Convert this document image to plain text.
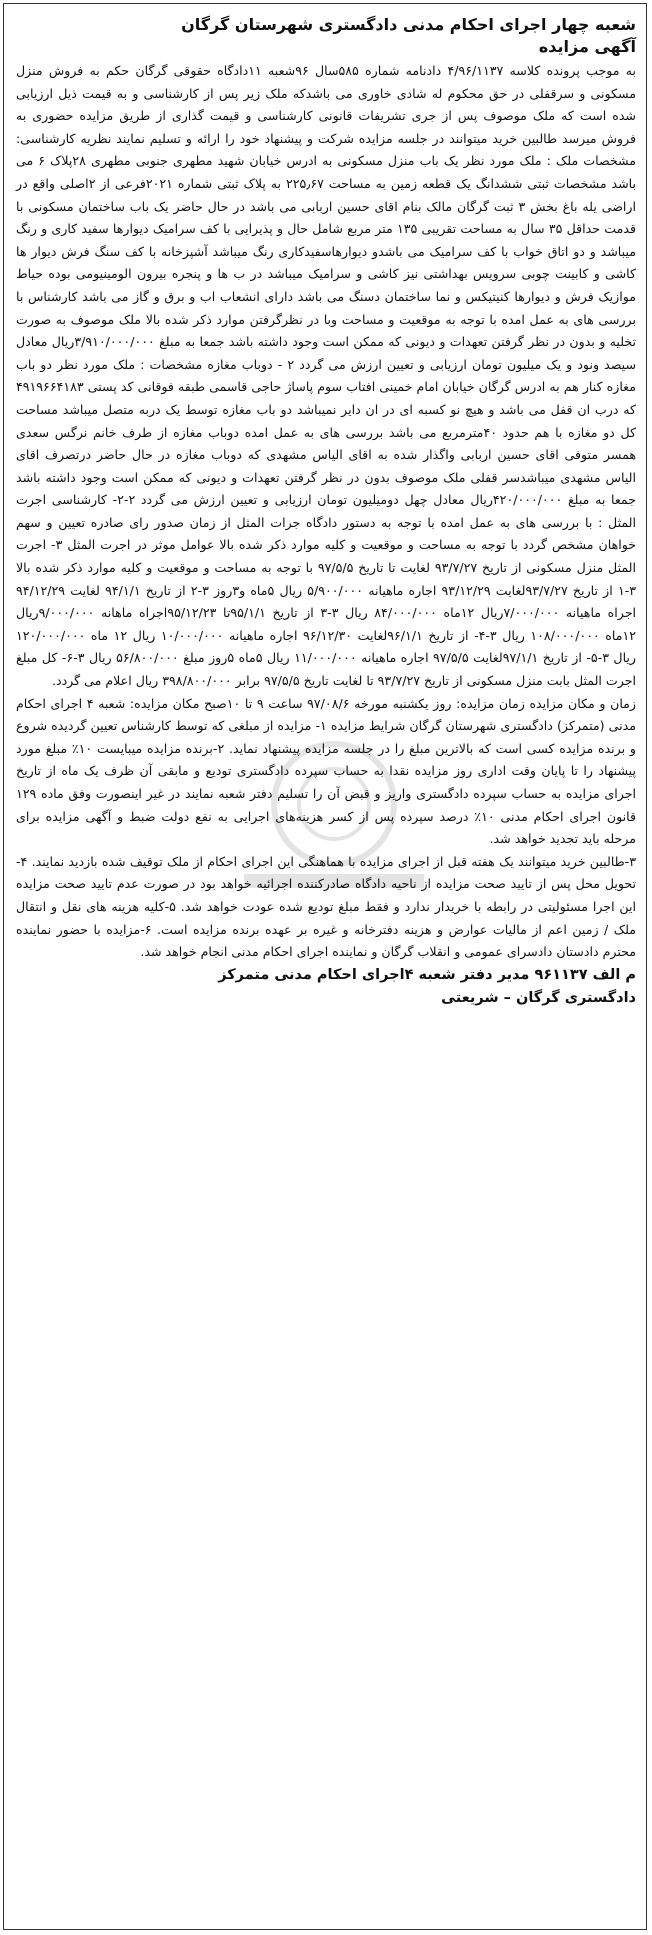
شعبه چهار اجرای احکام مدنی دادگستری شهرستان گرگان
آگهی مزایده

به موجب پرونده کلاسه ۴/۹۶/۱۱۳۷ دادنامه شماره ۵۸۵سال ۹۶شعبه ۱۱دادگاه حقوقی گرگان حکم به فروش منزل مسکونی و سرقفلی در حق محکوم له شادی خاوری می باشدکه ملک زیر پس از کارشناسی و به قیمت ذیل ارزیابی شده است که ملک موصوف پس از جری تشریفات قانونی کارشناسی و قیمت گذاری از طریق مزایده حضوری به فروش میرسد طالبین خرید میتوانند در جلسه مزایده شرکت و پیشنهاد خود را ارائه و تسلیم نمایند نظریه کارشناسی: مشخصات ملک : ملک مورد نظر یک باب منزل مسکونی به ادرس خیابان شهید مطهری جنوبی مطهری ۲۸پلاک ۶ می باشد مشخصات ثبتی ششدانگ یک قطعه زمین به مساحت ۲۲۵٫۶۷ به پلاک ثبتی شماره ۲۰۲۱فرعی از ۲اصلی واقع در اراضی یله باغ بخش ۳ ثبت گرگان مالک بنام اقای حسین اربابی می باشد در حال حاضر یک باب ساختمان مسکونی با قدمت حداقل ۳۵ سال به مساحت تقریبی ۱۳۵ متر مربع شامل حال و پذیرایی با کف سرامیک دیوارها سفید کاری و رنگ میباشد و دو اتاق خواب با کف سرامیک می باشدو دیوارهاسفیدکاری رنگ میباشد آشپزخانه با کف سنگ فرش دیوار ها کاشی و کابینت چوبی سرویس بهداشتی نیز کاشی و سرامیک میباشد در ب ها و پنجره بیرون الومینیومی بوده حیاط موازیک فرش و دیوارها کنیتیکس و نما ساختمان دسنگ می باشد دارای انشعاب اب و برق و گاز می باشد کارشناس با بررسی های به عمل امده با توجه به موقعیت و مساحت وبا در نظرگرفتن موارد ذکر شده بالا ملک موصوف به صورت تخلیه و بدون در نظر گرفتن تعهدات و دیونی که ممکن است وجود داشته باشد جمعا به مبلغ ۳/۹۱۰/۰۰۰/۰۰۰ریال معادل سیصد ونود و یک میلیون تومان ارزیابی و تعیین ارزش می گردد ۲ - دوباب مغازه مشخصات : ملک مورد نظر دو باب مغازه کنار هم به ادرس گرگان خیابان امام خمینی افتاب سوم پاساژ حاجی قاسمی طبقه فوقانی کد پستی ۴۹۱۹۶۶۴۱۸۳ که درب ان قفل می باشد و هیچ نو کسبه ای در ان دایر نمیباشد دو باب مغازه توسط یک دربه متصل میباشد مساحت کل دو مغازه با هم حدود ۴۰مترمربع می باشد بررسی های به عمل امده دوباب مغازه از طرف خانم نرگس سعدی همسر متوفی اقای حسین اربابی واگذار شده به اقای الیاس مشهدی که دوباب مغازه در حال حاضر درتصرف اقای الیاس مشهدی میباشدسر قفلی ملک موصوف بدون در نظر گرفتن تعهدات و دیونی که ممکن است وجود داشته باشد جمعا به مبلغ ۴۲۰/۰۰۰/۰۰۰ریال معادل چهل دومیلیون تومان ارزیابی و تعیین ارزش می گردد ۲-۲- کارشناسی اجرت المثل : با بررسی های به عمل امده با توجه به دستور دادگاه جرات المثل از زمان صدور رای صادره تعیین و سهم خواهان مشخص گردد با توجه به مساحت و موقعیت و کلیه موارد ذکر شده بالا عوامل موثر در اجرت المثل ۳- اجرت المثل منزل مسکونی از تاریخ ۹۳/۷/۲۷ لغایت تا تاریخ ۹۷/۵/۵ با توجه به مساحت و موقعیت و کلیه موارد ذکر شده بالا ۳-۱ از تاریخ ۹۳/۷/۲۷لغایت ۹۳/۱۲/۲۹ اجاره ماهیانه ۵/۹۰۰/۰۰۰ ریال ۵ماه و۳روز ۳-۲ از تاریخ ۹۴/۱/۱ لغایت ۹۴/۱۲/۲۹ اجراه ماهیانه ۷/۰۰۰/۰۰۰ریال ۱۲ماه ۸۴/۰۰۰/۰۰۰ ریال ۳-۳ از تاریخ ۹۵/۱/۱تا ۹۵/۱۲/۲۳اجراه ماهانه ۹/۰۰۰/۰۰۰ریال ۱۲ماه ۱۰۸/۰۰۰/۰۰۰ ریال ۳-۴- از تاریخ ۹۶/۱/۱لغایت ۹۶/۱۲/۳۰ اجاره ماهیانه ۱۰/۰۰۰/۰۰۰ ریال ۱۲ ماه ۱۲۰/۰۰۰/۰۰۰ ریال ۳-۵- از تاریخ ۹۷/۱/۱لغایت ۹۷/۵/۵ اجاره ماهیانه ۱۱/۰۰۰/۰۰۰ ریال ۵ماه ۵روز مبلغ ۵۶/۸۰۰/۰۰۰ ریال ۳-۶- کل مبلغ اجرت المثل بابت منزل مسکونی از تاریخ ۹۳/۷/۲۷ تا لغایت تاریخ ۹۷/۵/۵ برابر ۳۹۸/۸۰۰/۰۰۰ ریال اعلام می گردد.

زمان و مکان مزایده زمان مزایده: روز یکشنبه مورخه ۹۷/۰۸/۶ ساعت ۹ تا ۱۰صبح مکان مزایده: شعبه ۴ اجرای احکام مدنی (متمرکز) دادگستری شهرستان گرگان شرایط مزایده ۱- مزایده از مبلغی که توسط کارشناس تعیین گردیده شروع و برنده مزایده کسی است که بالاترین مبلغ را در جلسه مزایده پیشنهاد نماید. ۲-برنده مزایده میبایست ۱۰٪ مبلغ مورد پیشنهاد را تا پایان وقت اداری روز مزایده نقدا به حساب سپرده دادگستری تودیع و مابقی آن ظرف یک ماه از تاریخ اجرای مزایده به حساب سپرده دادگستری واریز و قبض آن را تسلیم دفتر شعبه نمایند در غیر اینصورت وفق ماده ۱۲۹ قانون اجرای احکام مدنی ۱۰٪ درصد سپرده پس از کسر هزینه‌های اجرایی به نفع دولت ضبط و آگهی مزایده برای مرحله باید تجدید خواهد شد.

۳-طالبین خرید میتوانند یک هفته قبل از اجرای مزایده با هماهنگی این اجرای احکام از ملک توقیف شده بازدید نمایند. ۴-تحویل محل پس از تایید صحت مزایده از ناحیه دادگاه صادرکننده اجرائیه خواهد بود در صورت عدم تایید صحت مزایده این اجرا مسئولیتی در رابطه با خریدار ندارد و فقط مبلغ تودیع شده عودت خواهد شد. ۵-کلیه هزینه های نقل و انتقال ملک / زمین اعم از مالیات عوارض و هزینه دفترخانه و غیره بر عهده برنده مزایده است. ۶-مزایده با حضور نماینده محترم دادستان دادسرای عمومی و انقلاب گرگان و نماینده اجرای احکام مدنی انجام خواهد شد.

م الف ۹۶۱۱۳۷ مدیر دفتر شعبه ۴اجرای احکام مدنی متمرکز

دادگستری گرگان – شریعتی
